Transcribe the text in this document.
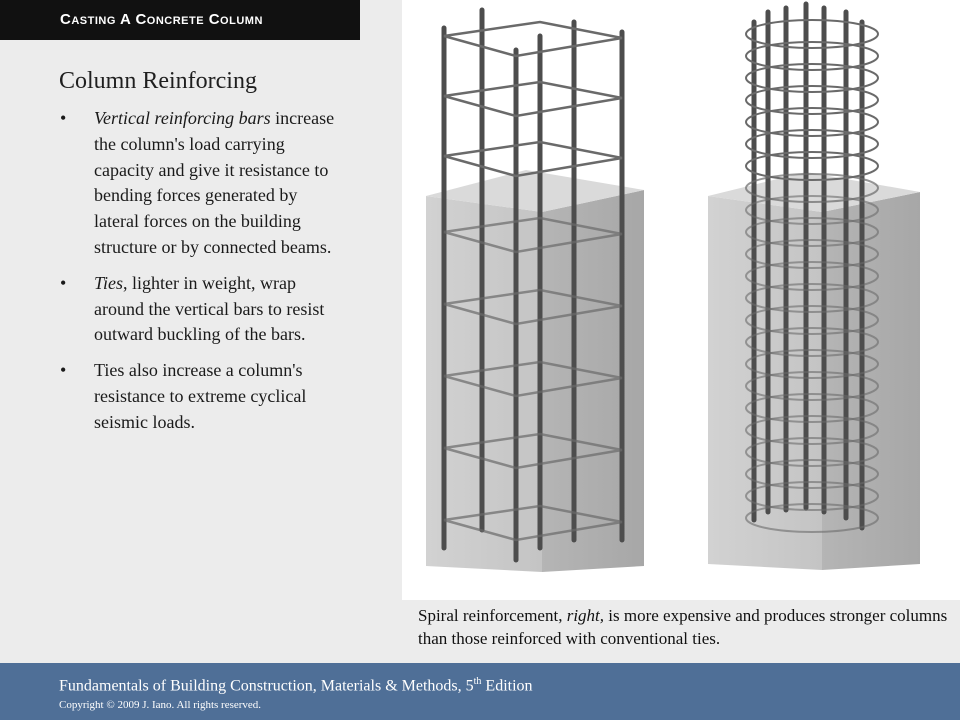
Casting A Concrete Column
Column Reinforcing
• Vertical reinforcing bars increase the column's load carrying capacity and give it resistance to bending forces generated by lateral forces on the building structure or by connected beams.
• Ties, lighter in weight, wrap around the vertical bars to resist outward buckling of the bars.
• Ties also increase a column's resistance to extreme cyclical seismic loads.
Spiral reinforcement, right, is more expensive and produces stronger columns than those reinforced with conventional ties.
Fundamentals of Building Construction, Materials & Methods, 5th Edition
Copyright © 2009 J. Iano. All rights reserved.
